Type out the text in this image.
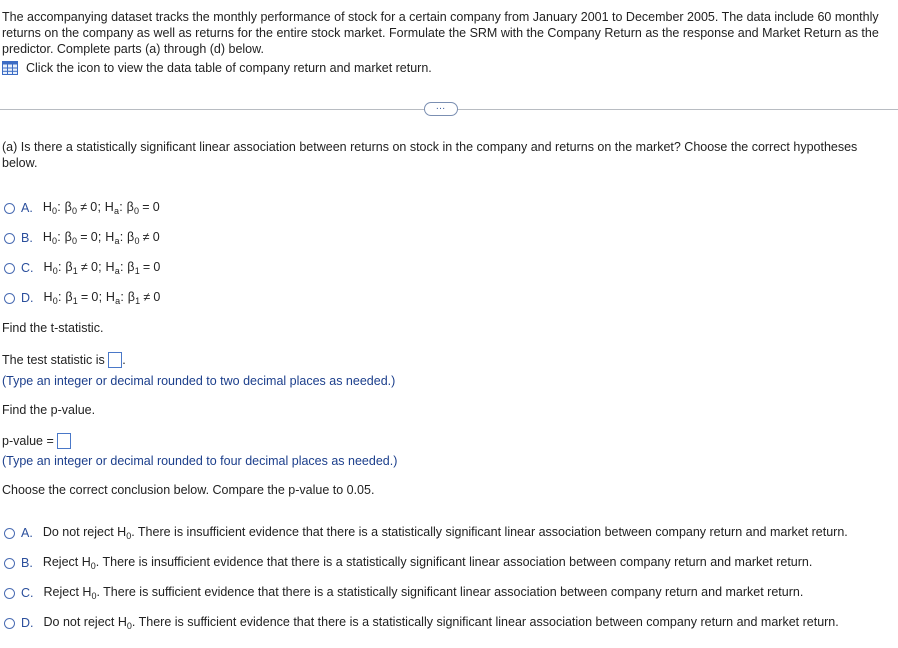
The accompanying dataset tracks the monthly performance of stock for a certain company from January 2001 to December 2005. The data include 60 monthly returns on the company as well as returns for the entire stock market. Formulate the SRM with the Company Return as the response and Market Return as the predictor. Complete parts (a) through (d) below.
Click the icon to view the data table of company return and market return.
…
(a) Is there a statistically significant linear association between returns on stock in the company and returns on the market? Choose the correct hypotheses below.
A. $H_0$: $\beta_0 \ne 0$; $H_a$: $\beta_0 = 0$
B. $H_0$: $\beta_0 = 0$; $H_a$: $\beta_0 \ne 0$
C. $H_0$: $\beta_1 \ne 0$; $H_a$: $\beta_1 = 0$
D. $H_0$: $\beta_1 = 0$; $H_a$: $\beta_1 \ne 0$
Find the t-statistic.
The test statistic is .
(Type an integer or decimal rounded to two decimal places as needed.)
Find the p-value.
p-value =
(Type an integer or decimal rounded to four decimal places as needed.)
Choose the correct conclusion below. Compare the p-value to 0.05.
A. Do not reject $H_0$. There is insufficient evidence that there is a statistically significant linear association between company return and market return.
B. Reject $H_0$. There is insufficient evidence that there is a statistically significant linear association between company return and market return.
C. Reject $H_0$. There is sufficient evidence that there is a statistically significant linear association between company return and market return.
D. Do not reject $H_0$. There is sufficient evidence that there is a statistically significant linear association between company return and market return.
